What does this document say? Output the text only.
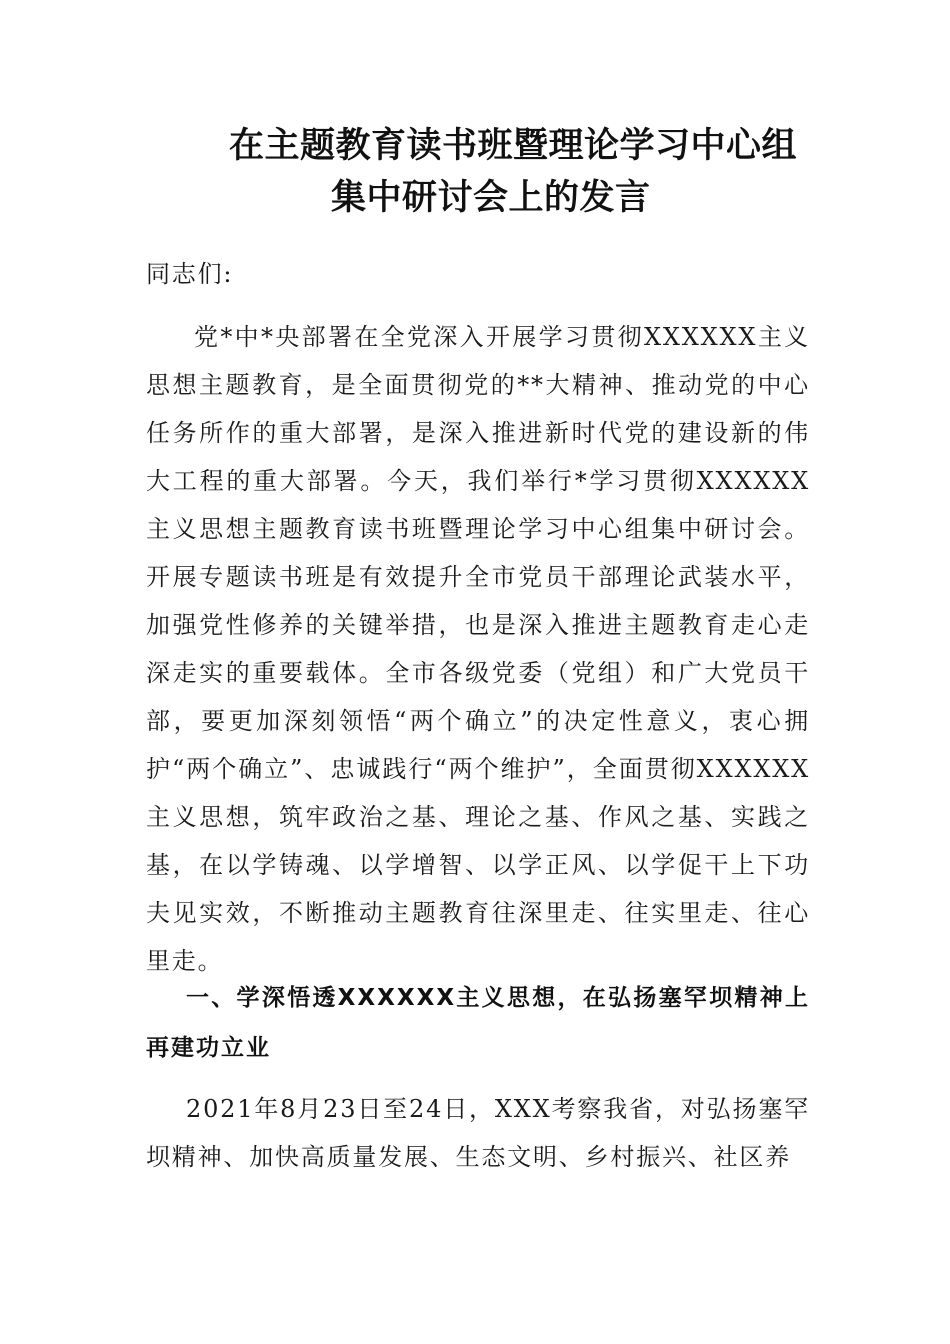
在主题教育读书班暨理论学习中心组
集中研讨会上的发言
同志们:
党*中*央部署在全党深入开展学习贯彻XXXXXX主义思想主题教育，是全面贯彻党的**大精神、推动党的中心任务所作的重大部署，是深入推进新时代党的建设新的伟大工程的重大部署。今天，我们举行*学习贯彻XXXXXX主义思想主题教育读书班暨理论学习中心组集中研讨会。开展专题读书班是有效提升全市党员干部理论武装水平，加强党性修养的关键举措，也是深入推进主题教育走心走深走实的重要载体。全市各级党委（党组）和广大党员干部，要更加深刻领悟“两个确立”的决定性意义，衷心拥护“两个确立”、忠诚践行“两个维护”，全面贯彻XXXXXX主义思想，筑牢政治之基、理论之基、作风之基、实践之基，在以学铸魂、以学增智、以学正风、以学促干上下功夫见实效，不断推动主题教育往深里走、往实里走、往心里走。
一、学深悟透XXXXXX主义思想，在弘扬塞罕坝精神上再建功立业
2021年8月23日至24日，XXX考察我省，对弘扬塞罕坝精神、加快高质量发展、生态文明、乡村振兴、社区养
